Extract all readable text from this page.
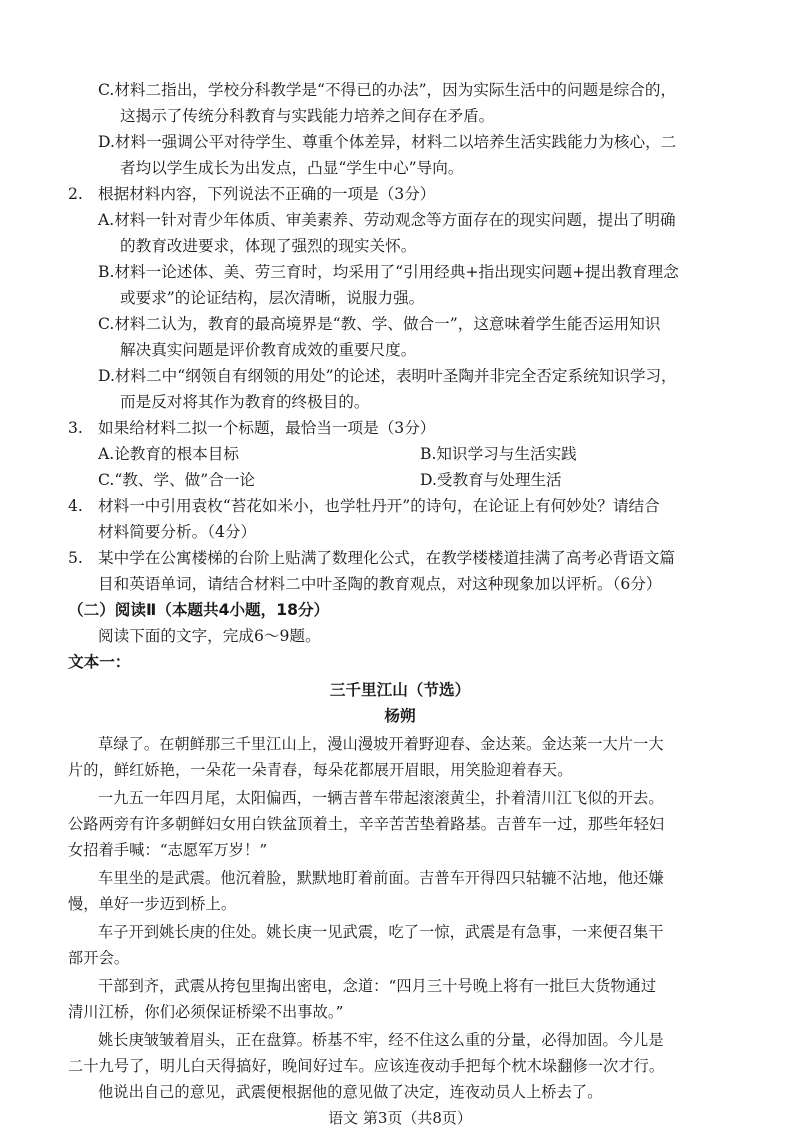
C.材料二指出，学校分科教学是“不得已的办法”，因为实际生活中的问题是综合的，
这揭示了传统分科教育与实践能力培养之间存在矛盾。
D.材料一强调公平对待学生、尊重个体差异，材料二以培养生活实践能力为核心，二
者均以学生成长为出发点，凸显“学生中心”导向。
2. 根据材料内容，下列说法不正确的一项是（3分）
A.材料一针对青少年体质、审美素养、劳动观念等方面存在的现实问题，提出了明确
的教育改进要求，体现了强烈的现实关怀。
B.材料一论述体、美、劳三育时，均采用了“引用经典+指出现实问题+提出教育理念
或要求”的论证结构，层次清晰，说服力强。
C.材料二认为，教育的最高境界是“教、学、做合一”，这意味着学生能否运用知识
解决真实问题是评价教育成效的重要尺度。
D.材料二中“纲领自有纲领的用处”的论述，表明叶圣陶并非完全否定系统知识学习，
而是反对将其作为教育的终极目的。
3. 如果给材料二拟一个标题，最恰当一项是（3分）
A.论教育的根本目标	B.知识学习与生活实践
C.“教、学、做”合一论	D.受教育与处理生活
4. 材料一中引用袁枚“苔花如米小，也学牡丹开”的诗句，在论证上有何妙处？请结合
材料简要分析。（4分）
5. 某中学在公寓楼梯的台阶上贴满了数理化公式，在教学楼楼道挂满了高考必背语文篇
目和英语单词，请结合材料二中叶圣陶的教育观点，对这种现象加以评析。（6分）
（二）阅读Ⅱ（本题共4小题，18分）
阅读下面的文字，完成6～9题。
文本一：
三千里江山（节选）
杨朔
草绿了。在朝鲜那三千里江山上，漫山漫坡开着野迎春、金达莱。金达莱一大片一大
片的，鲜红娇艳，一朵花一朵青春，每朵花都展开眉眼，用笑脸迎着春天。
一九五一年四月尾，太阳偏西，一辆吉普车带起滚滚黄尘，扑着清川江飞似的开去。
公路两旁有许多朝鲜妇女用白铁盆顶着土，辛辛苦苦垫着路基。吉普车一过，那些年轻妇
女招着手喊：“志愿军万岁！”
车里坐的是武震。他沉着脸，默默地盯着前面。吉普车开得四只轱辘不沾地，他还嫌
慢，单好一步迈到桥上。
车子开到姚长庚的住处。姚长庚一见武震，吃了一惊，武震是有急事，一来便召集干
部开会。
干部到齐，武震从挎包里掏出密电，念道：“四月三十号晚上将有一批巨大货物通过
清川江桥，你们必须保证桥梁不出事故。”
姚长庚皱皱着眉头，正在盘算。桥基不牢，经不住这么重的分量，必得加固。今儿是
二十九号了，明儿白天得搞好，晚间好过车。应该连夜动手把每个枕木垛翻修一次才行。
他说出自己的意见，武震便根据他的意见做了决定，连夜动员人上桥去了。
语文 第3页（共8页）
